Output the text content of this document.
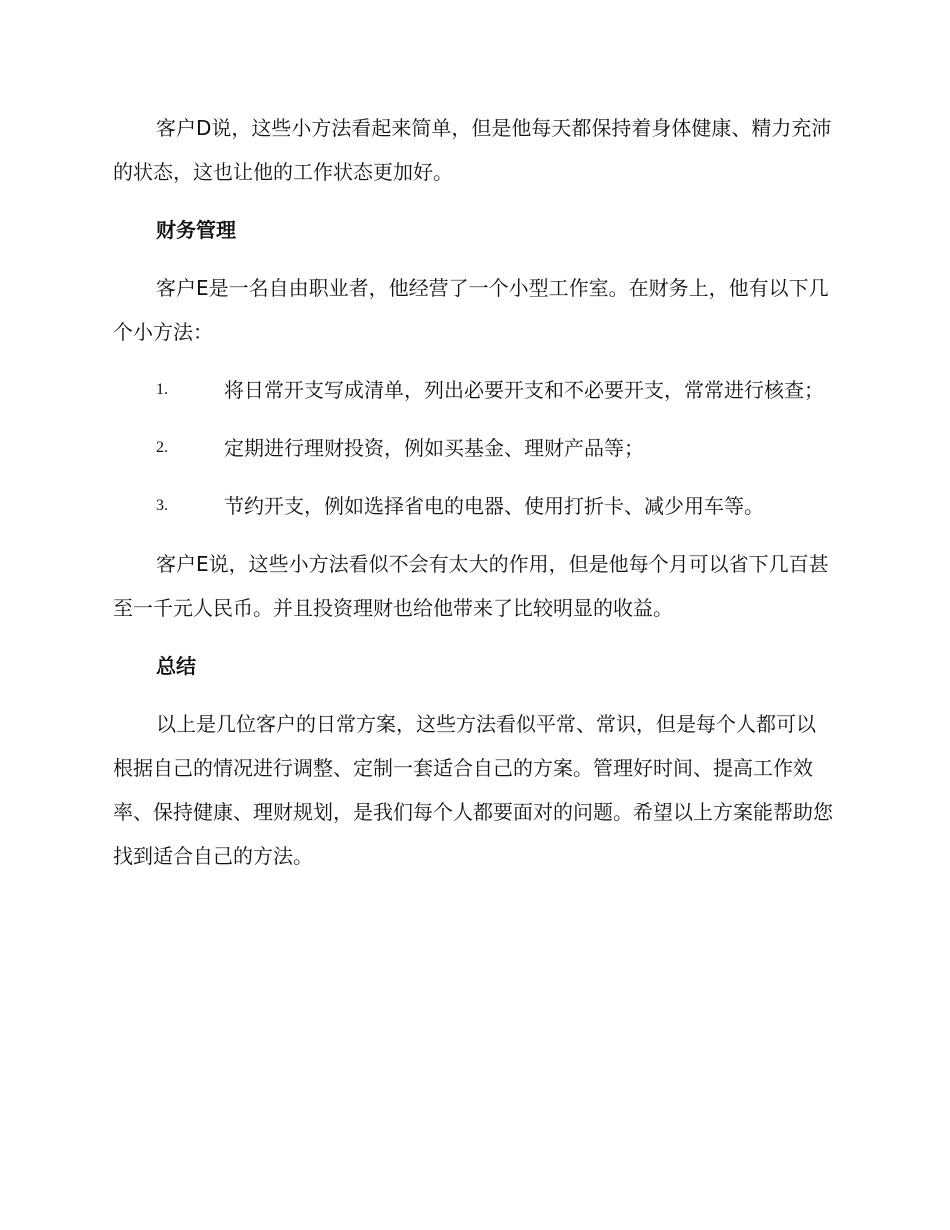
客户D说，这些小方法看起来简单，但是他每天都保持着身体健康、精力充沛的状态，这也让他的工作状态更加好。

财务管理

客户E是一名自由职业者，他经营了一个小型工作室。在财务上，他有以下几个小方法：

1.	将日常开支写成清单，列出必要开支和不必要开支，常常进行核查；
2.	定期进行理财投资，例如买基金、理财产品等；
3.	节约开支，例如选择省电的电器、使用打折卡、减少用车等。

客户E说，这些小方法看似不会有太大的作用，但是他每个月可以省下几百甚至一千元人民币。并且投资理财也给他带来了比较明显的收益。

总结

以上是几位客户的日常方案，这些方法看似平常、常识，但是每个人都可以根据自己的情况进行调整、定制一套适合自己的方案。管理好时间、提高工作效率、保持健康、理财规划，是我们每个人都要面对的问题。希望以上方案能帮助您找到适合自己的方法。
